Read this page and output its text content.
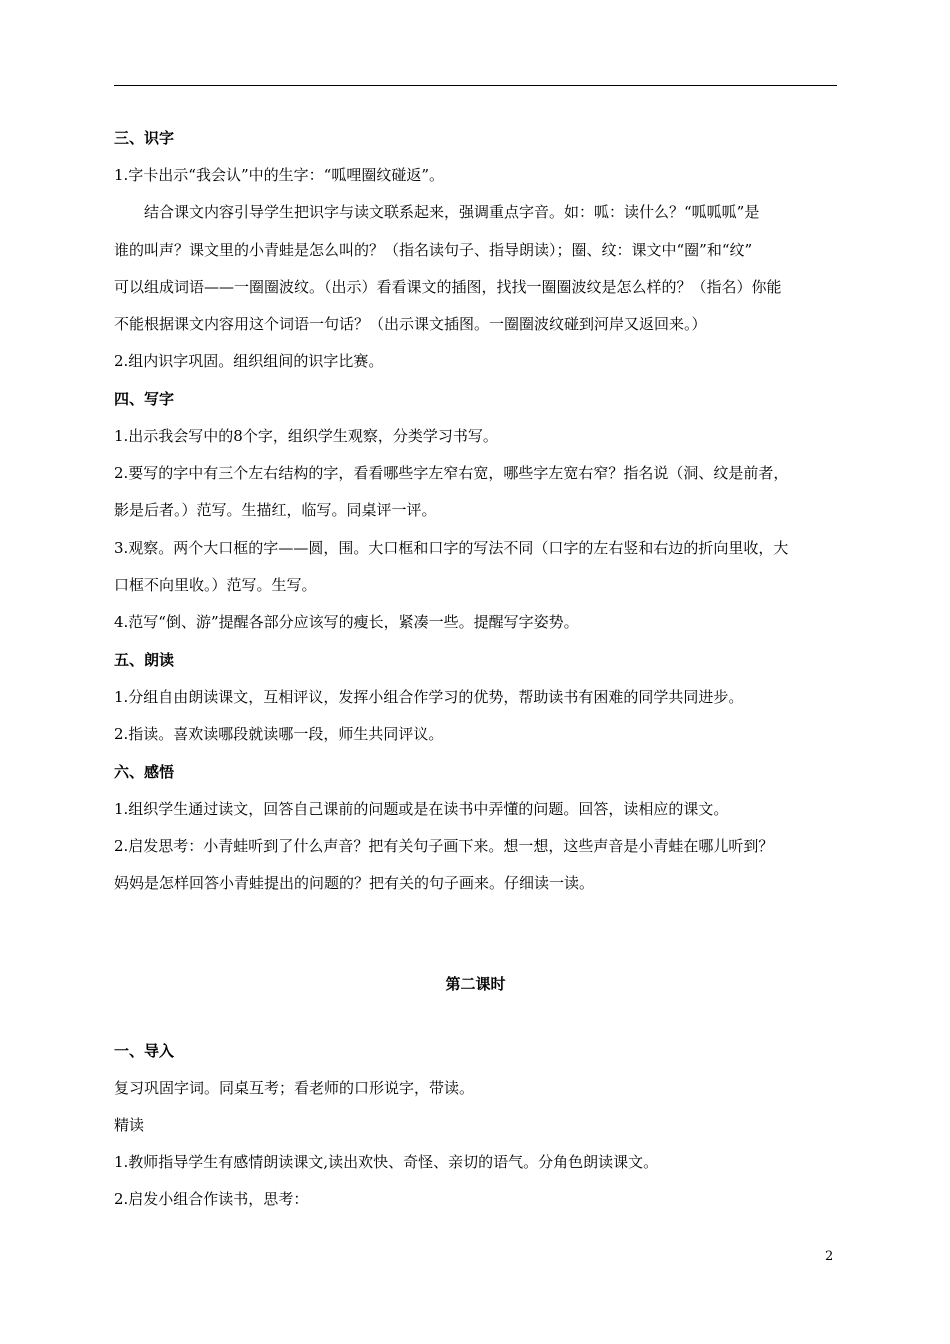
三、识字
1.字卡出示“我会认”中的生字：“呱哩圈纹碰返”。
结合课文内容引导学生把识字与读文联系起来，强调重点字音。如：呱：读什么？“呱呱呱”是
谁的叫声？课文里的小青蛙是怎么叫的？（指名读句子、指导朗读）；圈、纹：课文中“圈”和“纹”
可以组成词语——一圈圈波纹。（出示）看看课文的插图，找找一圈圈波纹是怎么样的？（指名）你能
不能根据课文内容用这个词语一句话？（出示课文插图。一圈圈波纹碰到河岸又返回来。）
2.组内识字巩固。组织组间的识字比赛。
四、写字
1.出示我会写中的8个字，组织学生观察，分类学习书写。
2.要写的字中有三个左右结构的字，看看哪些字左窄右宽，哪些字左宽右窄？指名说（洞、纹是前者，
影是后者。）范写。生描红，临写。同桌评一评。
3.观察。两个大口框的字——圆，围。大口框和口字的写法不同（口字的左右竖和右边的折向里收，大
口框不向里收。）范写。生写。
4.范写“倒、游”提醒各部分应该写的瘦长，紧凑一些。提醒写字姿势。
五、朗读
1.分组自由朗读课文，互相评议，发挥小组合作学习的优势，帮助读书有困难的同学共同进步。
2.指读。喜欢读哪段就读哪一段，师生共同评议。
六、感悟
1.组织学生通过读文，回答自己课前的问题或是在读书中弄懂的问题。回答，读相应的课文。
2.启发思考：小青蛙听到了什么声音？把有关句子画下来。想一想，这些声音是小青蛙在哪儿听到？
妈妈是怎样回答小青蛙提出的问题的？把有关的句子画来。仔细读一读。
第二课时
一、导入
复习巩固字词。同桌互考；看老师的口形说字，带读。
精读
1.教师指导学生有感情朗读课文,读出欢快、奇怪、亲切的语气。分角色朗读课文。
2.启发小组合作读书，思考：
2
